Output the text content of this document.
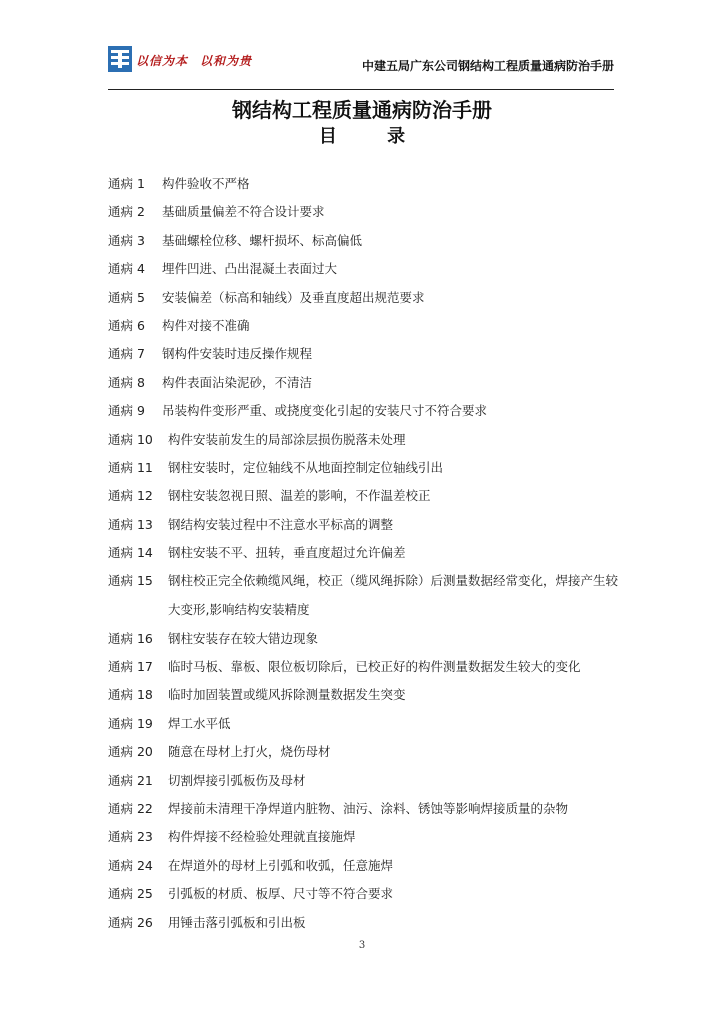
以信为本 以和为贵	中建五局广东公司钢结构工程质量通病防治手册
钢结构工程质量通病防治手册
目 录
通病 1	构件验收不严格
通病 2	基础质量偏差不符合设计要求
通病 3	基础螺栓位移、螺杆损坏、标高偏低
通病 4	埋件凹进、凸出混凝土表面过大
通病 5	安装偏差（标高和轴线）及垂直度超出规范要求
通病 6	构件对接不准确
通病 7	钢构件安装时违反操作规程
通病 8	构件表面沾染泥砂，不清洁
通病 9	吊装构件变形严重、或挠度变化引起的安装尺寸不符合要求
通病 10	构件安装前发生的局部涂层损伤脱落未处理
通病 11	钢柱安装时，定位轴线不从地面控制定位轴线引出
通病 12	钢柱安装忽视日照、温差的影响，不作温差校正
通病 13	钢结构安装过程中不注意水平标高的调整
通病 14	钢柱安装不平、扭转，垂直度超过允许偏差
通病 15	钢柱校正完全依赖缆风绳，校正（缆风绳拆除）后测量数据经常变化，焊接产生较大变形,影响结构安装精度
通病 16	钢柱安装存在较大错边现象
通病 17	临时马板、靠板、限位板切除后，已校正好的构件测量数据发生较大的变化
通病 18	临时加固装置或缆风拆除测量数据发生突变
通病 19	焊工水平低
通病 20	随意在母材上打火，烧伤母材
通病 21	切割焊接引弧板伤及母材
通病 22	焊接前未清理干净焊道内脏物、油污、涂料、锈蚀等影响焊接质量的杂物
通病 23	构件焊接不经检验处理就直接施焊
通病 24	在焊道外的母材上引弧和收弧，任意施焊
通病 25	引弧板的材质、板厚、尺寸等不符合要求
通病 26	用锤击落引弧板和引出板
3
